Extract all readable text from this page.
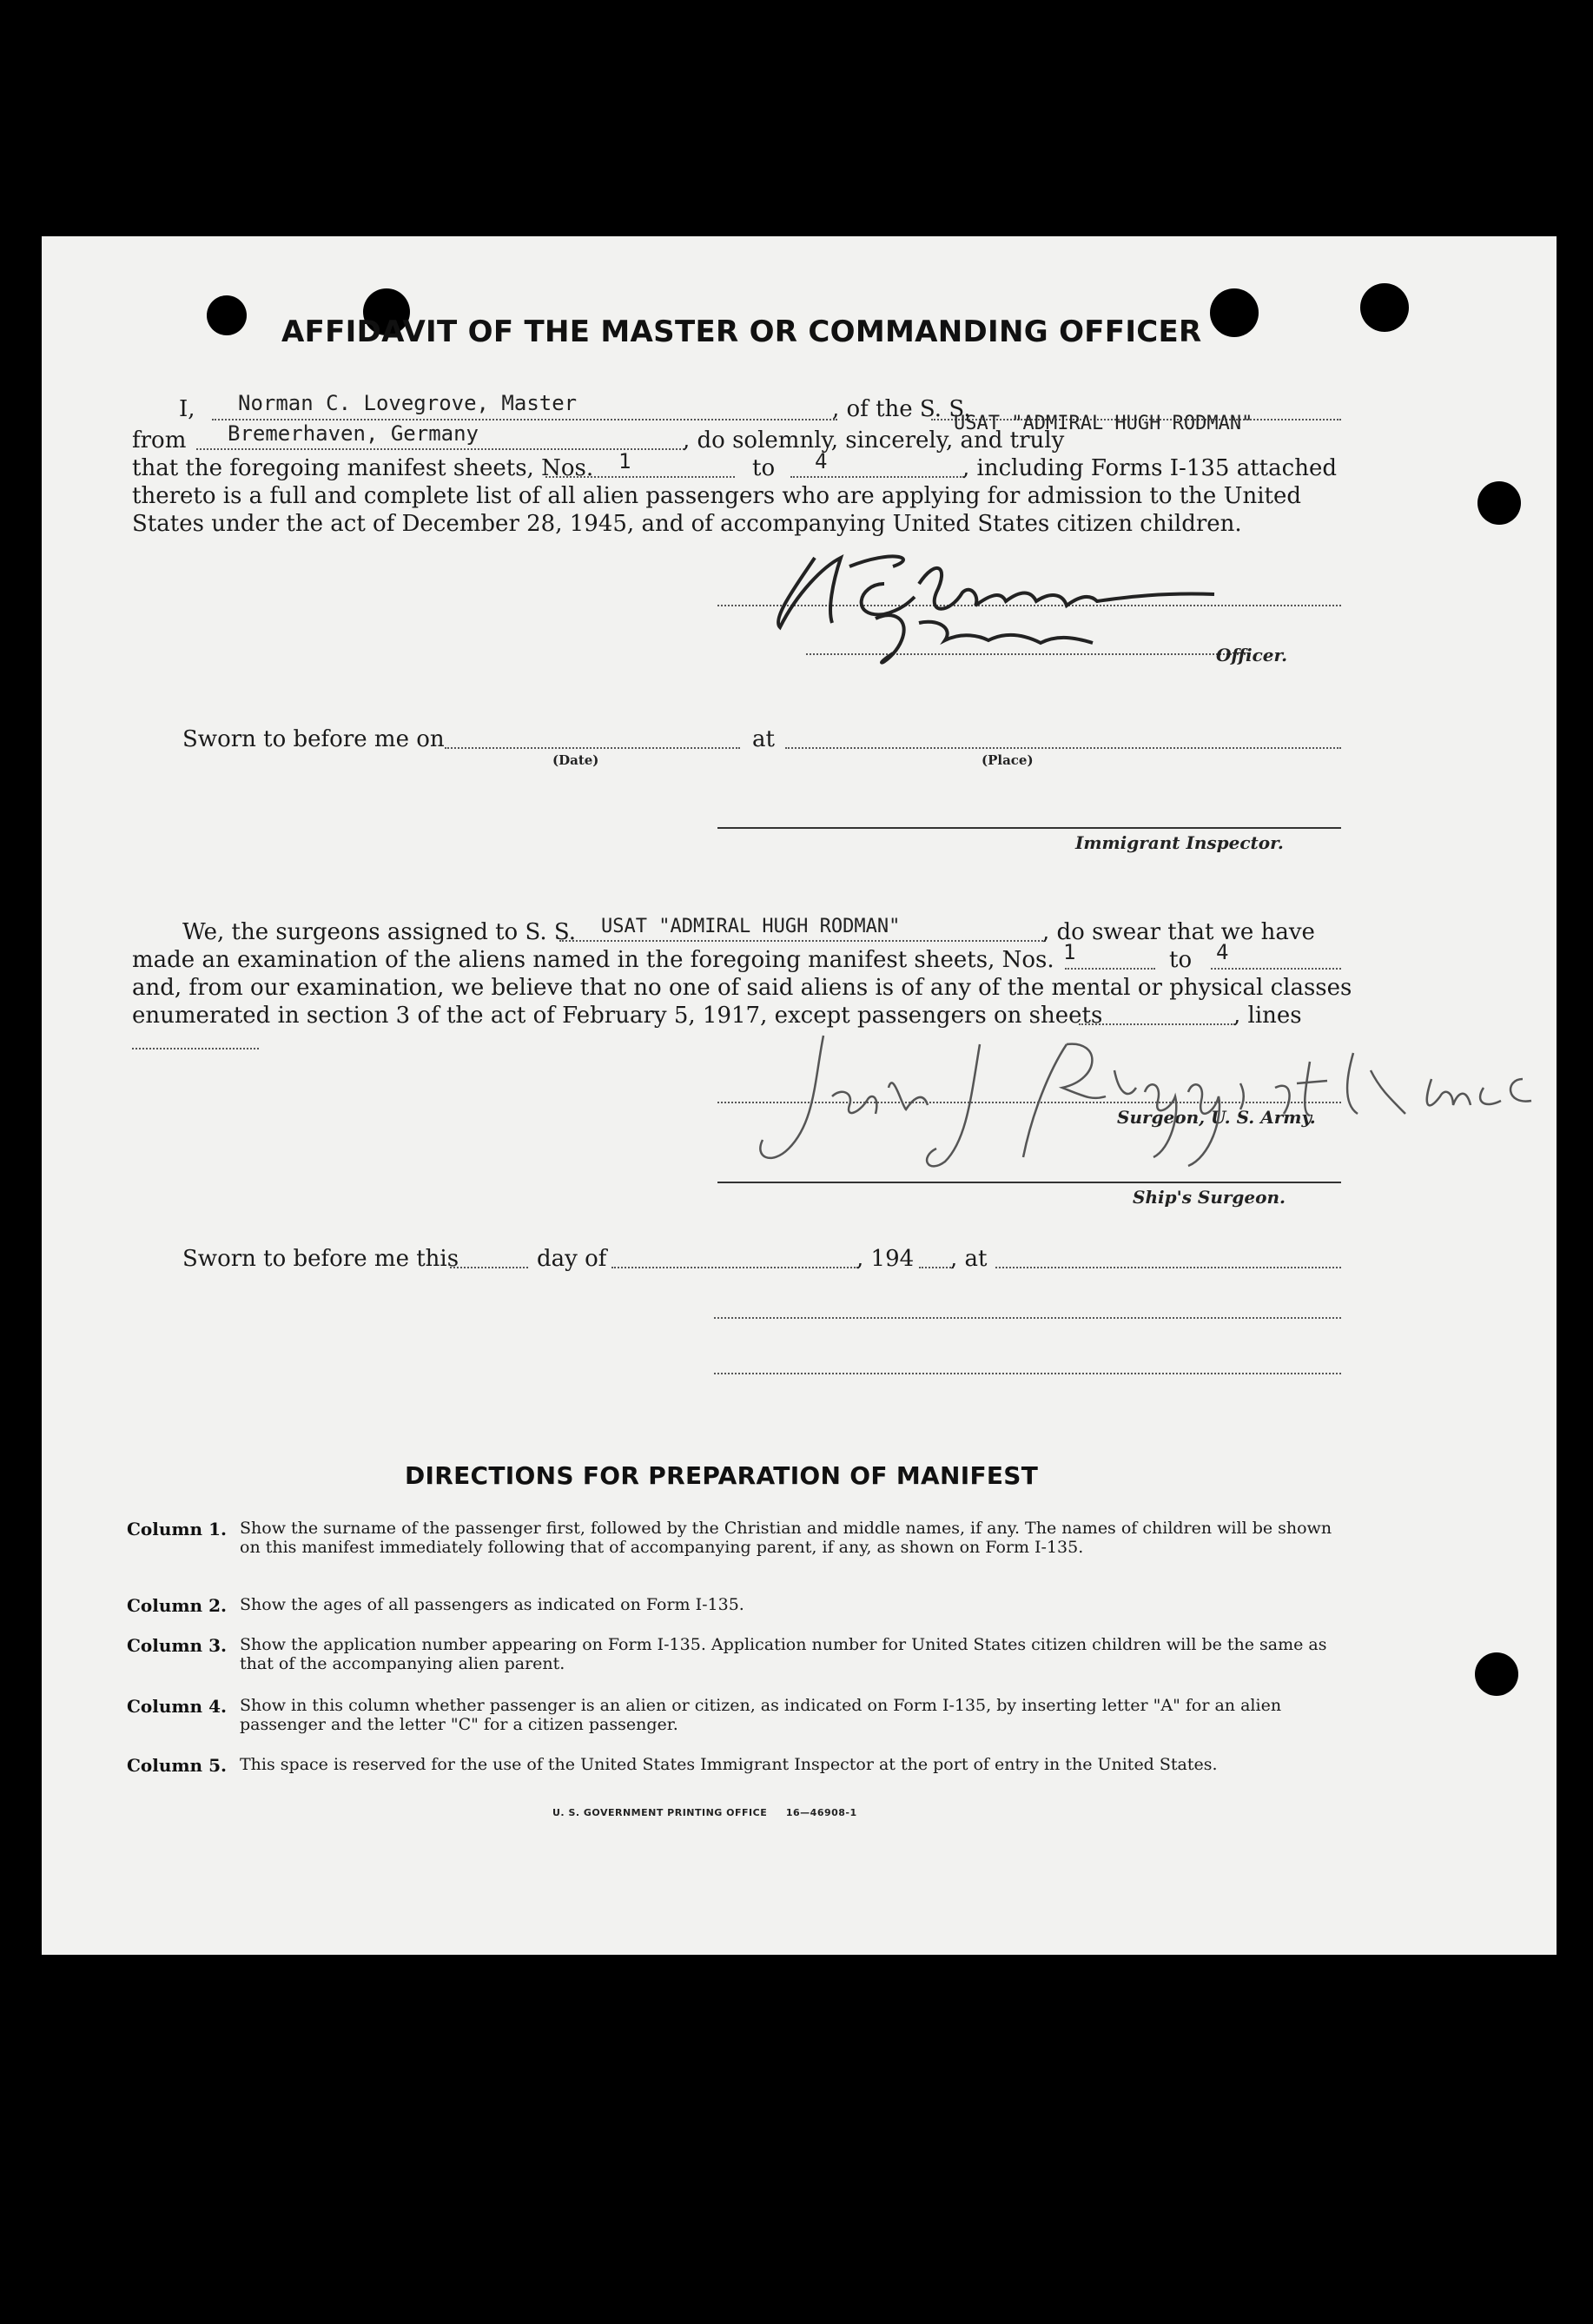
AFFIDAVIT OF THE MASTER OR COMMANDING OFFICER
I, Norman C. Lovegrove, Master	, of the S. S.
USAT "ADMIRAL HUGH RODMAN"
from Bremerhaven, Germany	, do solemnly, sincerely, and truly
that the foregoing manifest sheets, Nos. 1	to 4	, including Forms I-135 attached
thereto is a full and complete list of all alien passengers who are applying for admission to the United
States under the act of December 28, 1945, and of accompanying United States citizen children.
Officer.
Sworn to before me on
(Date)
at
(Place)
Immigrant Inspector.
We, the surgeons assigned to S. S. USAT "ADMIRAL HUGH RODMAN"	, do swear that we have
made an examination of the aliens named in the foregoing manifest sheets, Nos. 1	to 4
and, from our examination, we believe that no one of said aliens is of any of the mental or physical classes
enumerated in section 3 of the act of February 5, 1917, except passengers on sheets	, lines
Surgeon, U. S. Army.
Ship's Surgeon.
Sworn to before me this	day of	, 194 , at
DIRECTIONS FOR PREPARATION OF MANIFEST
Column 1. Show the surname of the passenger first, followed by the Christian and middle names, if any. The names of children will be shown on this manifest immediately following that of accompanying parent, if any, as shown on Form I-135.
Column 2. Show the ages of all passengers as indicated on Form I-135.
Column 3. Show the application number appearing on Form I-135. Application number for United States citizen children will be the same as that of the accompanying alien parent.
Column 4. Show in this column whether passenger is an alien or citizen, as indicated on Form I-135, by inserting letter "A" for an alien passenger and the letter "C" for a citizen passenger.
Column 5. This space is reserved for the use of the United States Immigrant Inspector at the port of entry in the United States.
U. S. GOVERNMENT PRINTING OFFICE     16—46908-1
